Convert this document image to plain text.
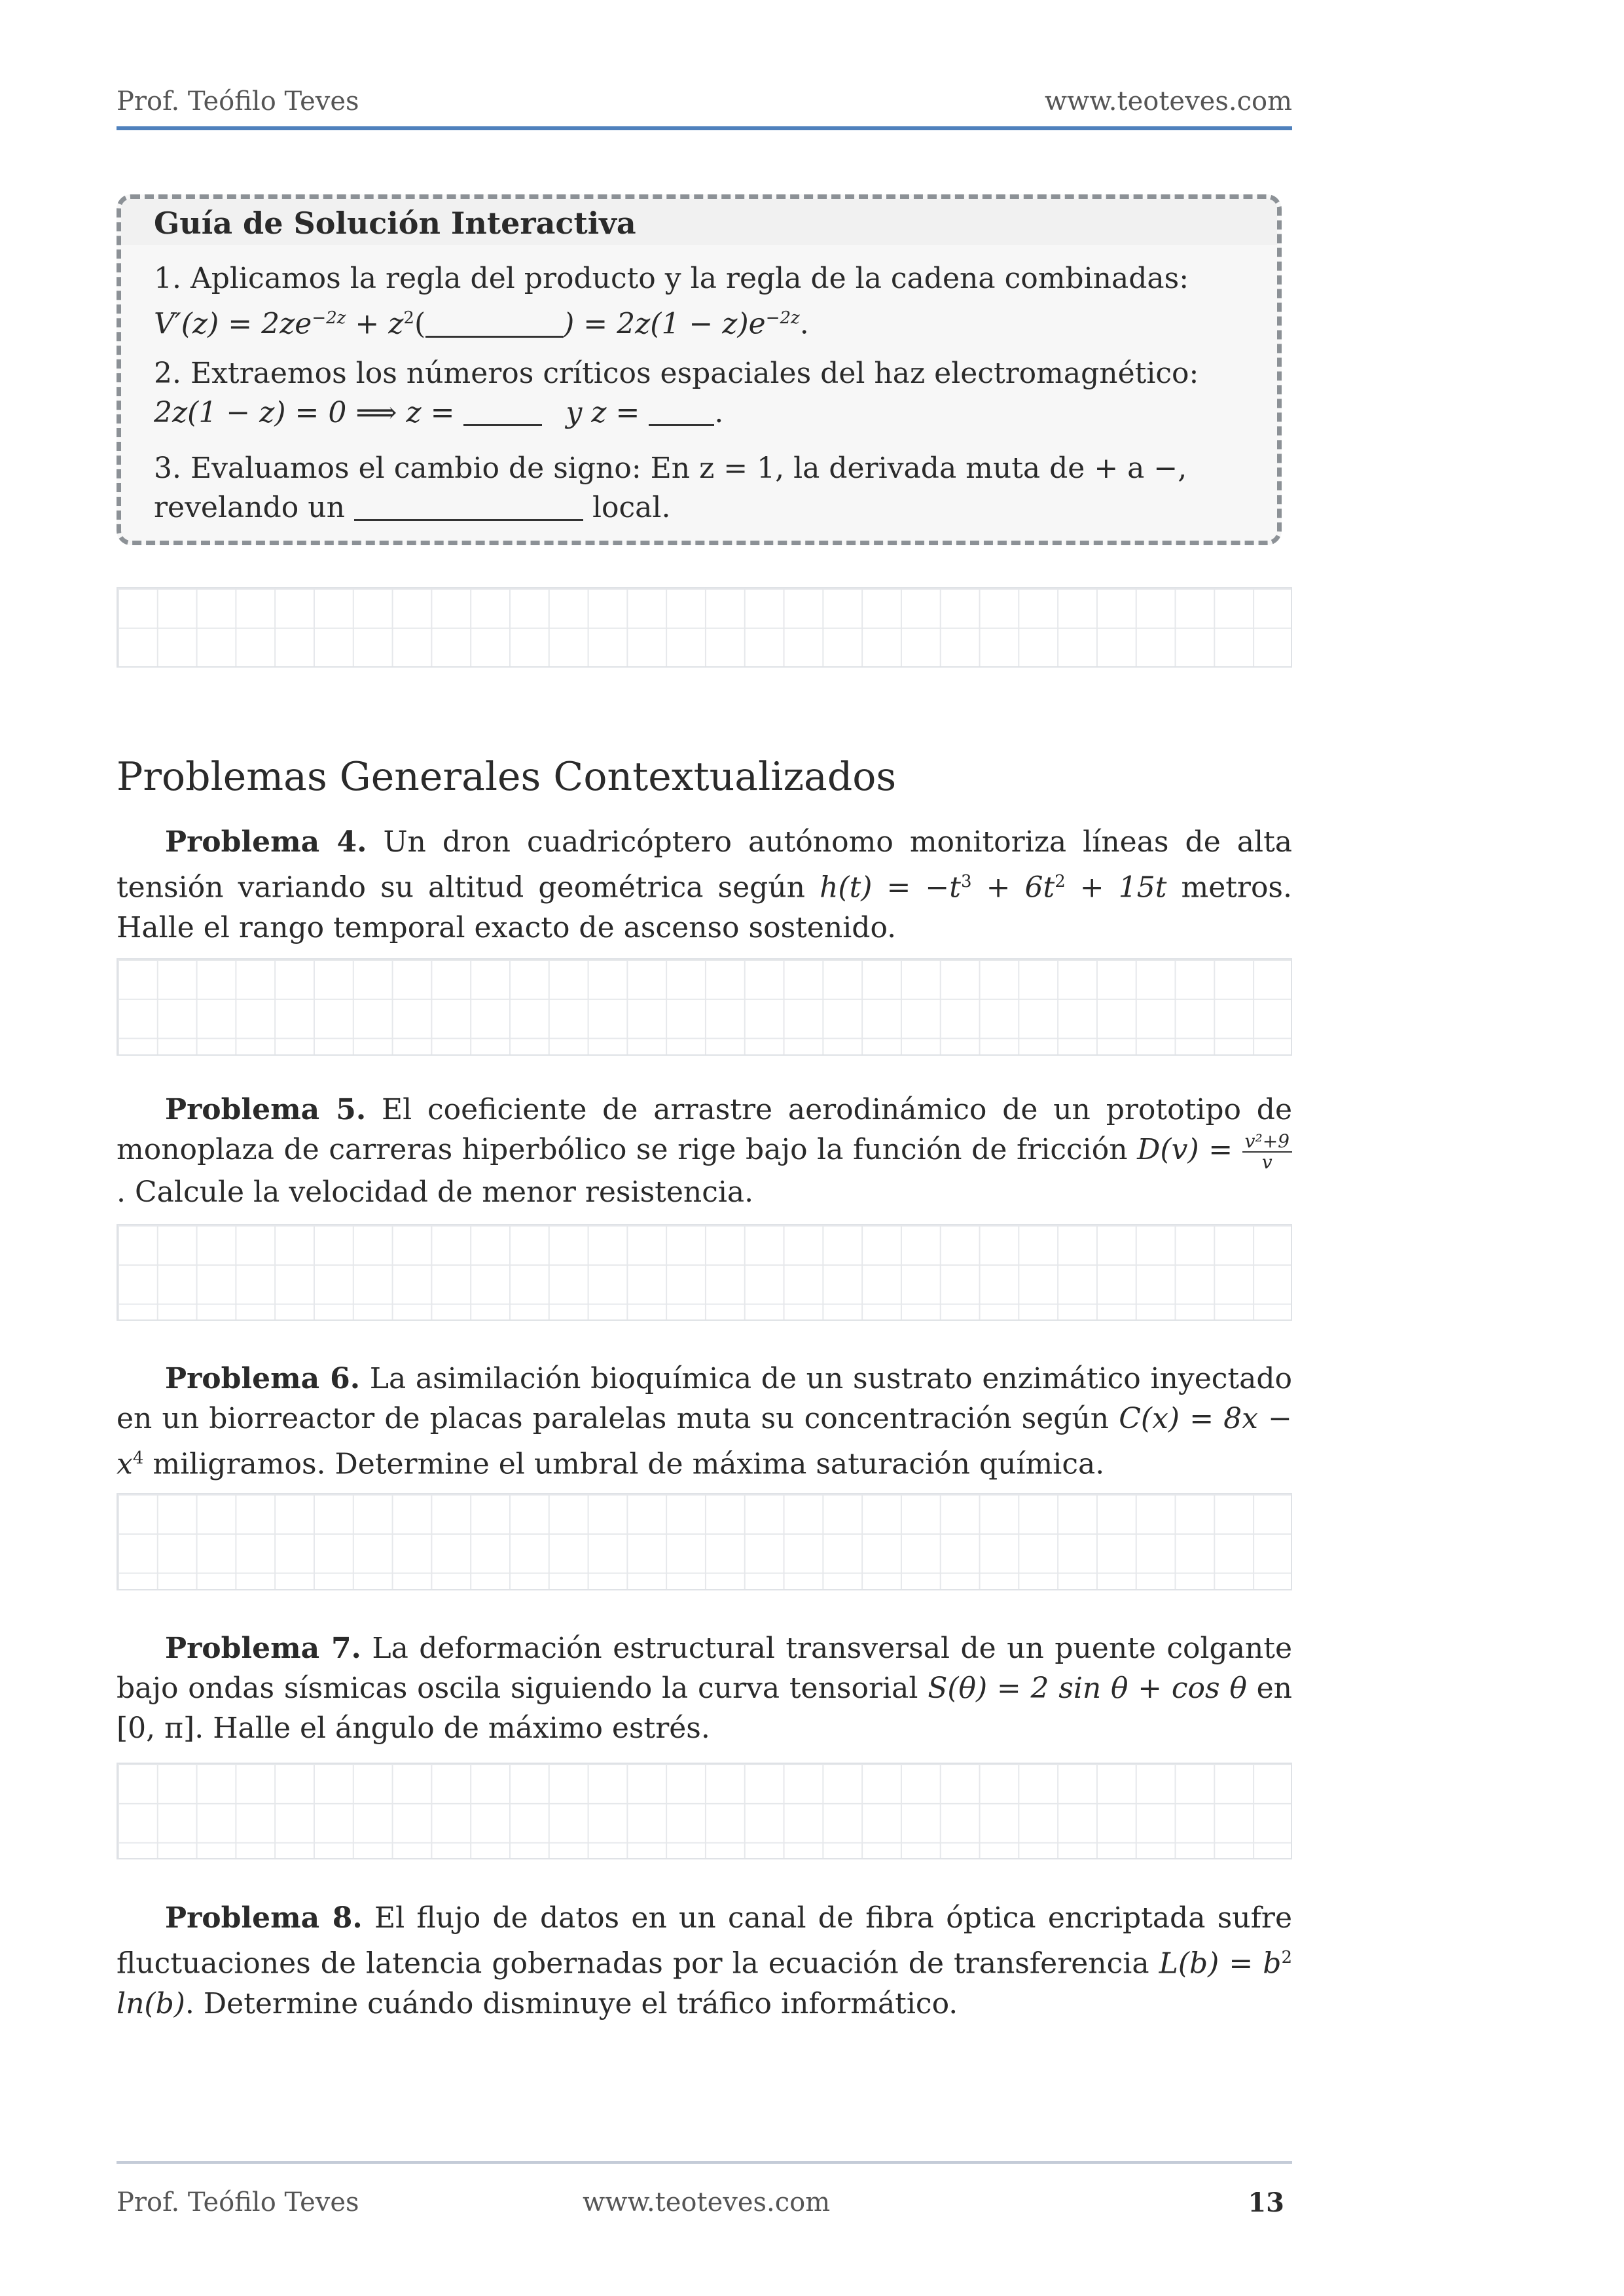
Prof. Teófilo Teves	www.teoteves.com
Guía de Solución Interactiva
1. Aplicamos la regla del producto y la regla de la cadena combinadas:
$V'(z) = 2ze^{-2z} + z^2$(	) = $2z(1 - z)e^{-2z}$.
2. Extraemos los números críticos espaciales del haz electromagnético:
2z(1 − z) = 0 ⟹ z =	y z = .
3. Evaluamos el cambio de signo: En z = 1, la derivada muta de + a −,
revelando un	local.
Problemas Generales Contextualizados
Problema 4. Un dron cuadricóptero autónomo monitoriza líneas de alta tensión variando su altitud geométrica según $h(t) = -t^3 + 6t^2 + 15t$ metros. Halle el rango temporal exacto de ascenso sostenido.
Problema 5. El coeficiente de arrastre aerodinámico de un prototipo de monoplaza de carreras hiperbólico se rige bajo la función de fricción $D(v) = \frac{\text{v²+9}}{v}$
. Calcule la velocidad de menor resistencia.
Problema 6. La asimilación bioquímica de un sustrato enzimático inyectado en un biorreactor de placas paralelas muta su concentración según $C(x) = 8x - x^4$ miligramos. Determine el umbral de máxima saturación química.
Problema 7. La deformación estructural transversal de un puente colgante bajo ondas sísmicas oscila siguiendo la curva tensorial S(θ) = 2 sin θ + cos θ en [0, π]. Halle el ángulo de máximo estrés.
Problema 8. El flujo de datos en un canal de fibra óptica encriptada sufre fluctuaciones de latencia gobernadas por la ecuación de transferencia $L(b) = b^2$ ln(b). Determine cuándo disminuye el tráfico informático.
Prof. Teófilo Teves	www.teoteves.com	13
